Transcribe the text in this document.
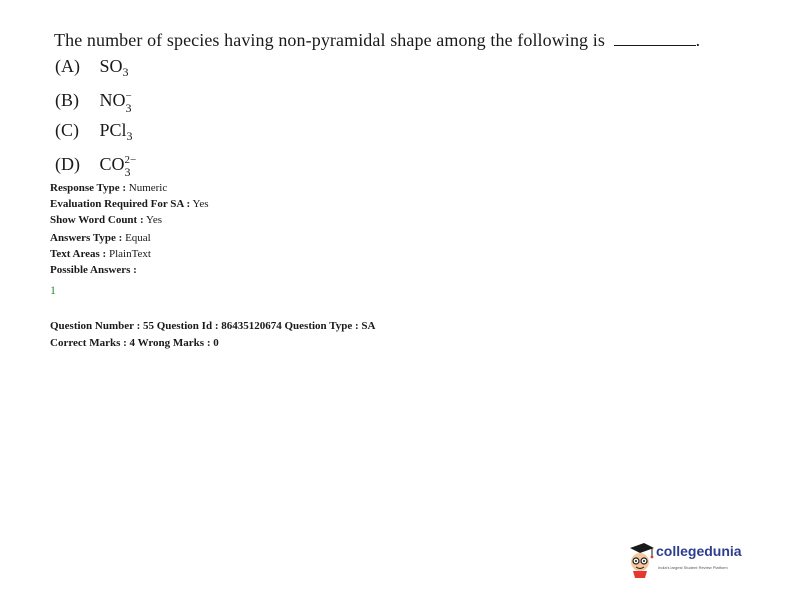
The number of species having non-pyramidal shape among the following is	.
(A) $SO_3$
(B) NO −
3
(C) PCl$_3$
(D) CO 2−
3
Response Type : Numeric
Evaluation Required For SA : Yes
Show Word Count : Yes
Answers Type : Equal
Text Areas : PlainText
Possible Answers :
1
Question Number : 55 Question Id : 86435120674 Question Type : SA
Correct Marks : 4 Wrong Marks : 0
collegedunia
India's largest Student Review Platform
